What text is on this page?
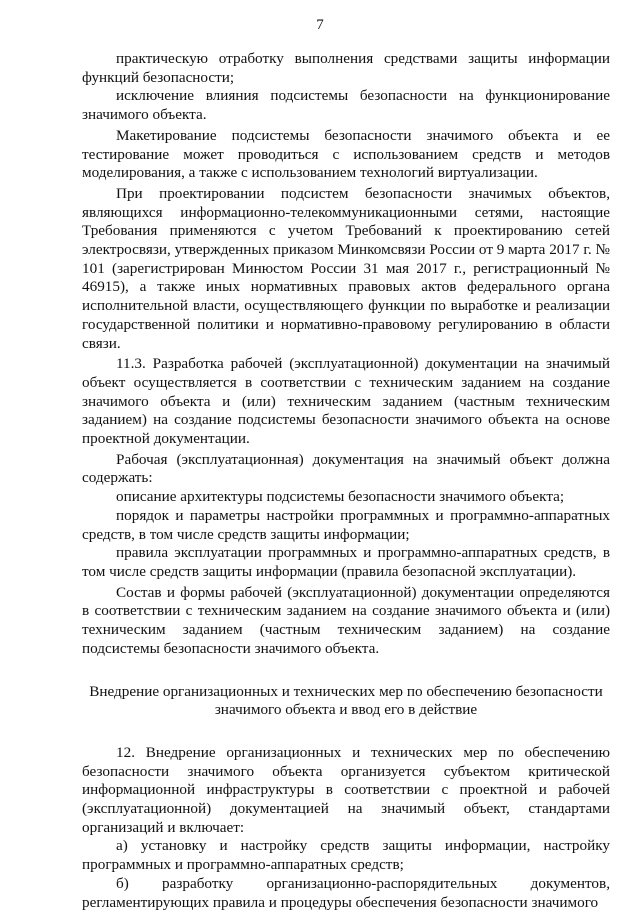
7

практическую отработку выполнения средствами защиты информации функций безопасности;

исключение влияния подсистемы безопасности на функционирование значимого объекта.

Макетирование подсистемы безопасности значимого объекта и ее тестирование может проводиться с использованием средств и методов моделирования, а также с использованием технологий виртуализации.

При проектировании подсистем безопасности значимых объектов, являющихся информационно-телекоммуникационными сетями, настоящие Требования применяются с учетом Требований к проектированию сетей электросвязи, утвержденных приказом Минкомсвязи России от 9 марта 2017 г. № 101 (зарегистрирован Минюстом России 31 мая 2017 г., регистрационный № 46915), а также иных нормативных правовых актов федерального органа исполнительной власти, осуществляющего функции по выработке и реализации государственной политики и нормативно-правовому регулированию в области связи.

11.3. Разработка рабочей (эксплуатационной) документации на значимый объект осуществляется в соответствии с техническим заданием на создание значимого объекта и (или) техническим заданием (частным техническим заданием) на создание подсистемы безопасности значимого объекта на основе проектной документации.

Рабочая (эксплуатационная) документация на значимый объект должна содержать:

описание архитектуры подсистемы безопасности значимого объекта;

порядок и параметры настройки программных и программно-аппаратных средств, в том числе средств защиты информации;

правила эксплуатации программных и программно-аппаратных средств, в том числе средств защиты информации (правила безопасной эксплуатации).

Состав и формы рабочей (эксплуатационной) документации определяются в соответствии с техническим заданием на создание значимого объекта и (или) техническим заданием (частным техническим заданием) на создание подсистемы безопасности значимого объекта.

Внедрение организационных и технических мер по обеспечению безопасности
значимого объекта и ввод его в действие

12. Внедрение организационных и технических мер по обеспечению безопасности значимого объекта организуется субъектом критической информационной инфраструктуры в соответствии с проектной и рабочей (эксплуатационной) документацией на значимый объект, стандартами организаций и включает:

а) установку и настройку средств защиты информации, настройку программных и программно-аппаратных средств;

б) разработку организационно-распорядительных документов, регламентирующих правила и процедуры обеспечения безопасности значимого
